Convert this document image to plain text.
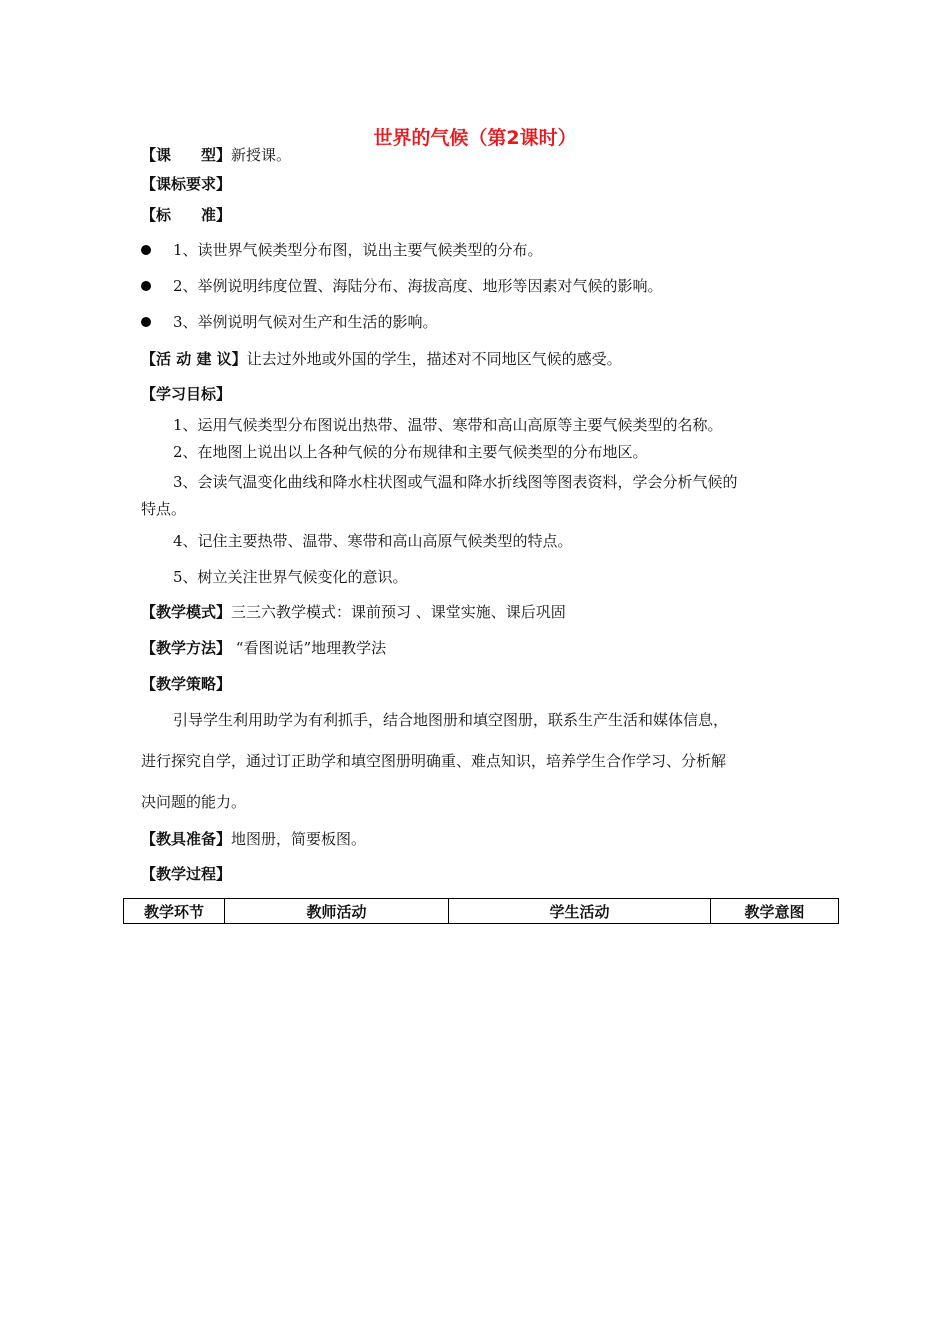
世界的气候（第2课时）
【课　　型】新授课。
【课标要求】
【标　　准】
1、读世界气候类型分布图，说出主要气候类型的分布。
2、举例说明纬度位置、海陆分布、海拔高度、地形等因素对气候的影响。
3、举例说明气候对生产和生活的影响。
【活 动 建 议】让去过外地或外国的学生，描述对不同地区气候的感受。
【学习目标】
1、运用气候类型分布图说出热带、温带、寒带和高山高原等主要气候类型的名称。
2、在地图上说出以上各种气候的分布规律和主要气候类型的分布地区。
3、会读气温变化曲线和降水柱状图或气温和降水折线图等图表资料，学会分析气候的
特点。
4、记住主要热带、温带、寒带和高山高原气候类型的特点。
5、树立关注世界气候变化的意识。
【教学模式】三三六教学模式：课前预习 、课堂实施、课后巩固
【教学方法】 “看图说话”地理教学法
【教学策略】
引导学生利用助学为有利抓手，结合地图册和填空图册，联系生产生活和媒体信息，
进行探究自学，通过订正助学和填空图册明确重、难点知识，培养学生合作学习、分析解
决问题的能力。
【教具准备】地图册，简要板图。
【教学过程】
教学环节	教师活动	学生活动	教学意图
